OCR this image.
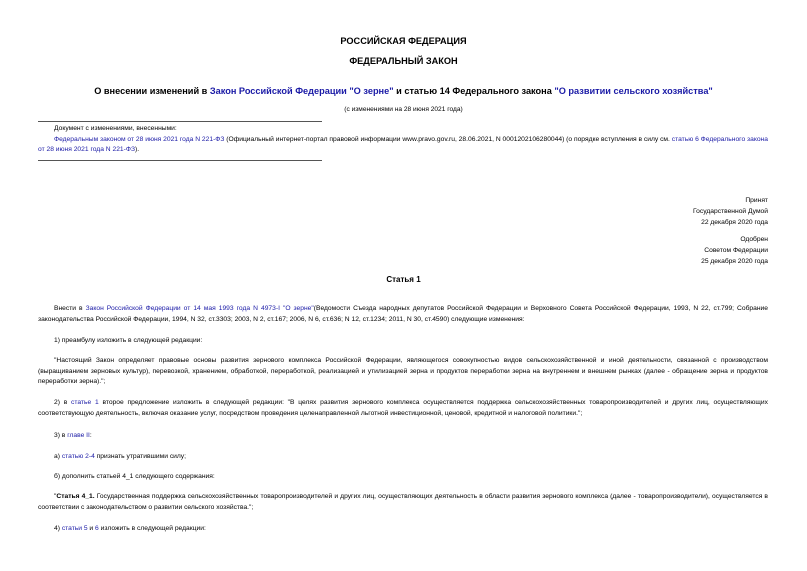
РОССИЙСКАЯ ФЕДЕРАЦИЯ
ФЕДЕРАЛЬНЫЙ ЗАКОН
О внесении изменений в Закон Российской Федерации "О зерне" и статью 14 Федерального закона "О развитии сельского хозяйства"
(с изменениями на 28 июня 2021 года)
Документ с изменениями, внесенными:
Федеральным законом от 28 июня 2021 года N 221-ФЗ (Официальный интернет-портал правовой информации www.pravo.gov.ru, 28.06.2021, N 0001202106280044) (о порядке вступления в силу см. статью 6 Федерального закона от 28 июня 2021 года N 221-ФЗ).
Принят
Государственной Думой
22 декабря 2020 года
Одобрен
Советом Федерации
25 декабря 2020 года
Статья 1
Внести в Закон Российской Федерации от 14 мая 1993 года N 4973-I "О зерне"(Ведомости Съезда народных депутатов Российской Федерации и Верховного Совета Российской Федерации, 1993, N 22, ст.799; Собрание законодательства Российской Федерации, 1994, N 32, ст.3303; 2003, N 2, ст.167; 2006, N 6, ст.636; N 12, ст.1234; 2011, N 30, ст.4590) следующие изменения:
1) преамбулу изложить в следующей редакции:
"Настоящий Закон определяет правовые основы развития зернового комплекса Российской Федерации, являющегося совокупностью видов сельскохозяйственной и иной деятельности, связанной с производством (выращиванием зерновых культур), перевозкой, хранением, обработкой, переработкой, реализацией и утилизацией зерна и продуктов переработки зерна на внутреннем и внешнем рынках (далее - обращение зерна и продуктов переработки зерна).";
2) в статье 1 второе предложение изложить в следующей редакции: "В целях развития зернового комплекса осуществляется поддержка сельскохозяйственных товаропроизводителей и других лиц, осуществляющих соответствующую деятельность, включая оказание услуг, посредством проведения целенаправленной льготной инвестиционной, ценовой, кредитной и налоговой политики.";
3) в главе II:
а) статью 2-4 признать утратившими силу;
б) дополнить статьей 4_1 следующего содержания:
"Статья 4_1. Государственная поддержка сельскохозяйственных товаропроизводителей и других лиц, осуществляющих деятельность в области развития зернового комплекса (далее - товаропроизводители), осуществляется в соответствии с законодательством о развитии сельского хозяйства.";
4) статьи 5 и 6 изложить в следующей редакции:
